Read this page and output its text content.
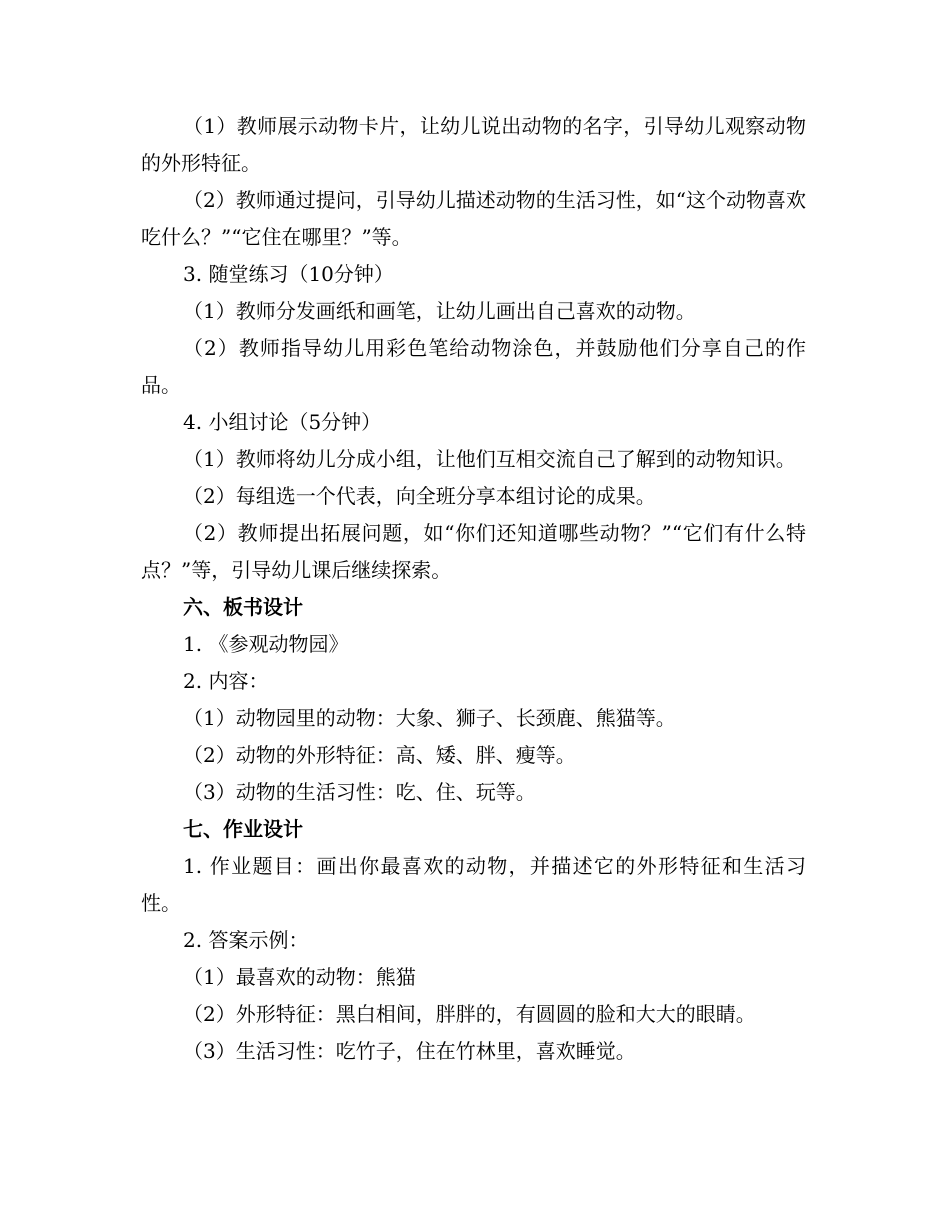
（1）教师展示动物卡片，让幼儿说出动物的名字，引导幼儿观察动物的外形特征。

（2）教师通过提问，引导幼儿描述动物的生活习性，如“这个动物喜欢吃什么？”“它住在哪里？”等。

3. 随堂练习（10分钟）

（1）教师分发画纸和画笔，让幼儿画出自己喜欢的动物。

（2）教师指导幼儿用彩色笔给动物涂色，并鼓励他们分享自己的作品。

4. 小组讨论（5分钟）

（1）教师将幼儿分成小组，让他们互相交流自己了解到的动物知识。

（2）每组选一个代表，向全班分享本组讨论的成果。

（2）教师提出拓展问题，如“你们还知道哪些动物？”“它们有什么特点？”等，引导幼儿课后继续探索。

六、板书设计

1. 《参观动物园》

2. 内容：

（1）动物园里的动物：大象、狮子、长颈鹿、熊猫等。

（2）动物的外形特征：高、矮、胖、瘦等。

（3）动物的生活习性：吃、住、玩等。

七、作业设计

1. 作业题目：画出你最喜欢的动物，并描述它的外形特征和生活习性。

2. 答案示例：

（1）最喜欢的动物：熊猫

（2）外形特征：黑白相间，胖胖的，有圆圆的脸和大大的眼睛。

（3）生活习性：吃竹子，住在竹林里，喜欢睡觉。
